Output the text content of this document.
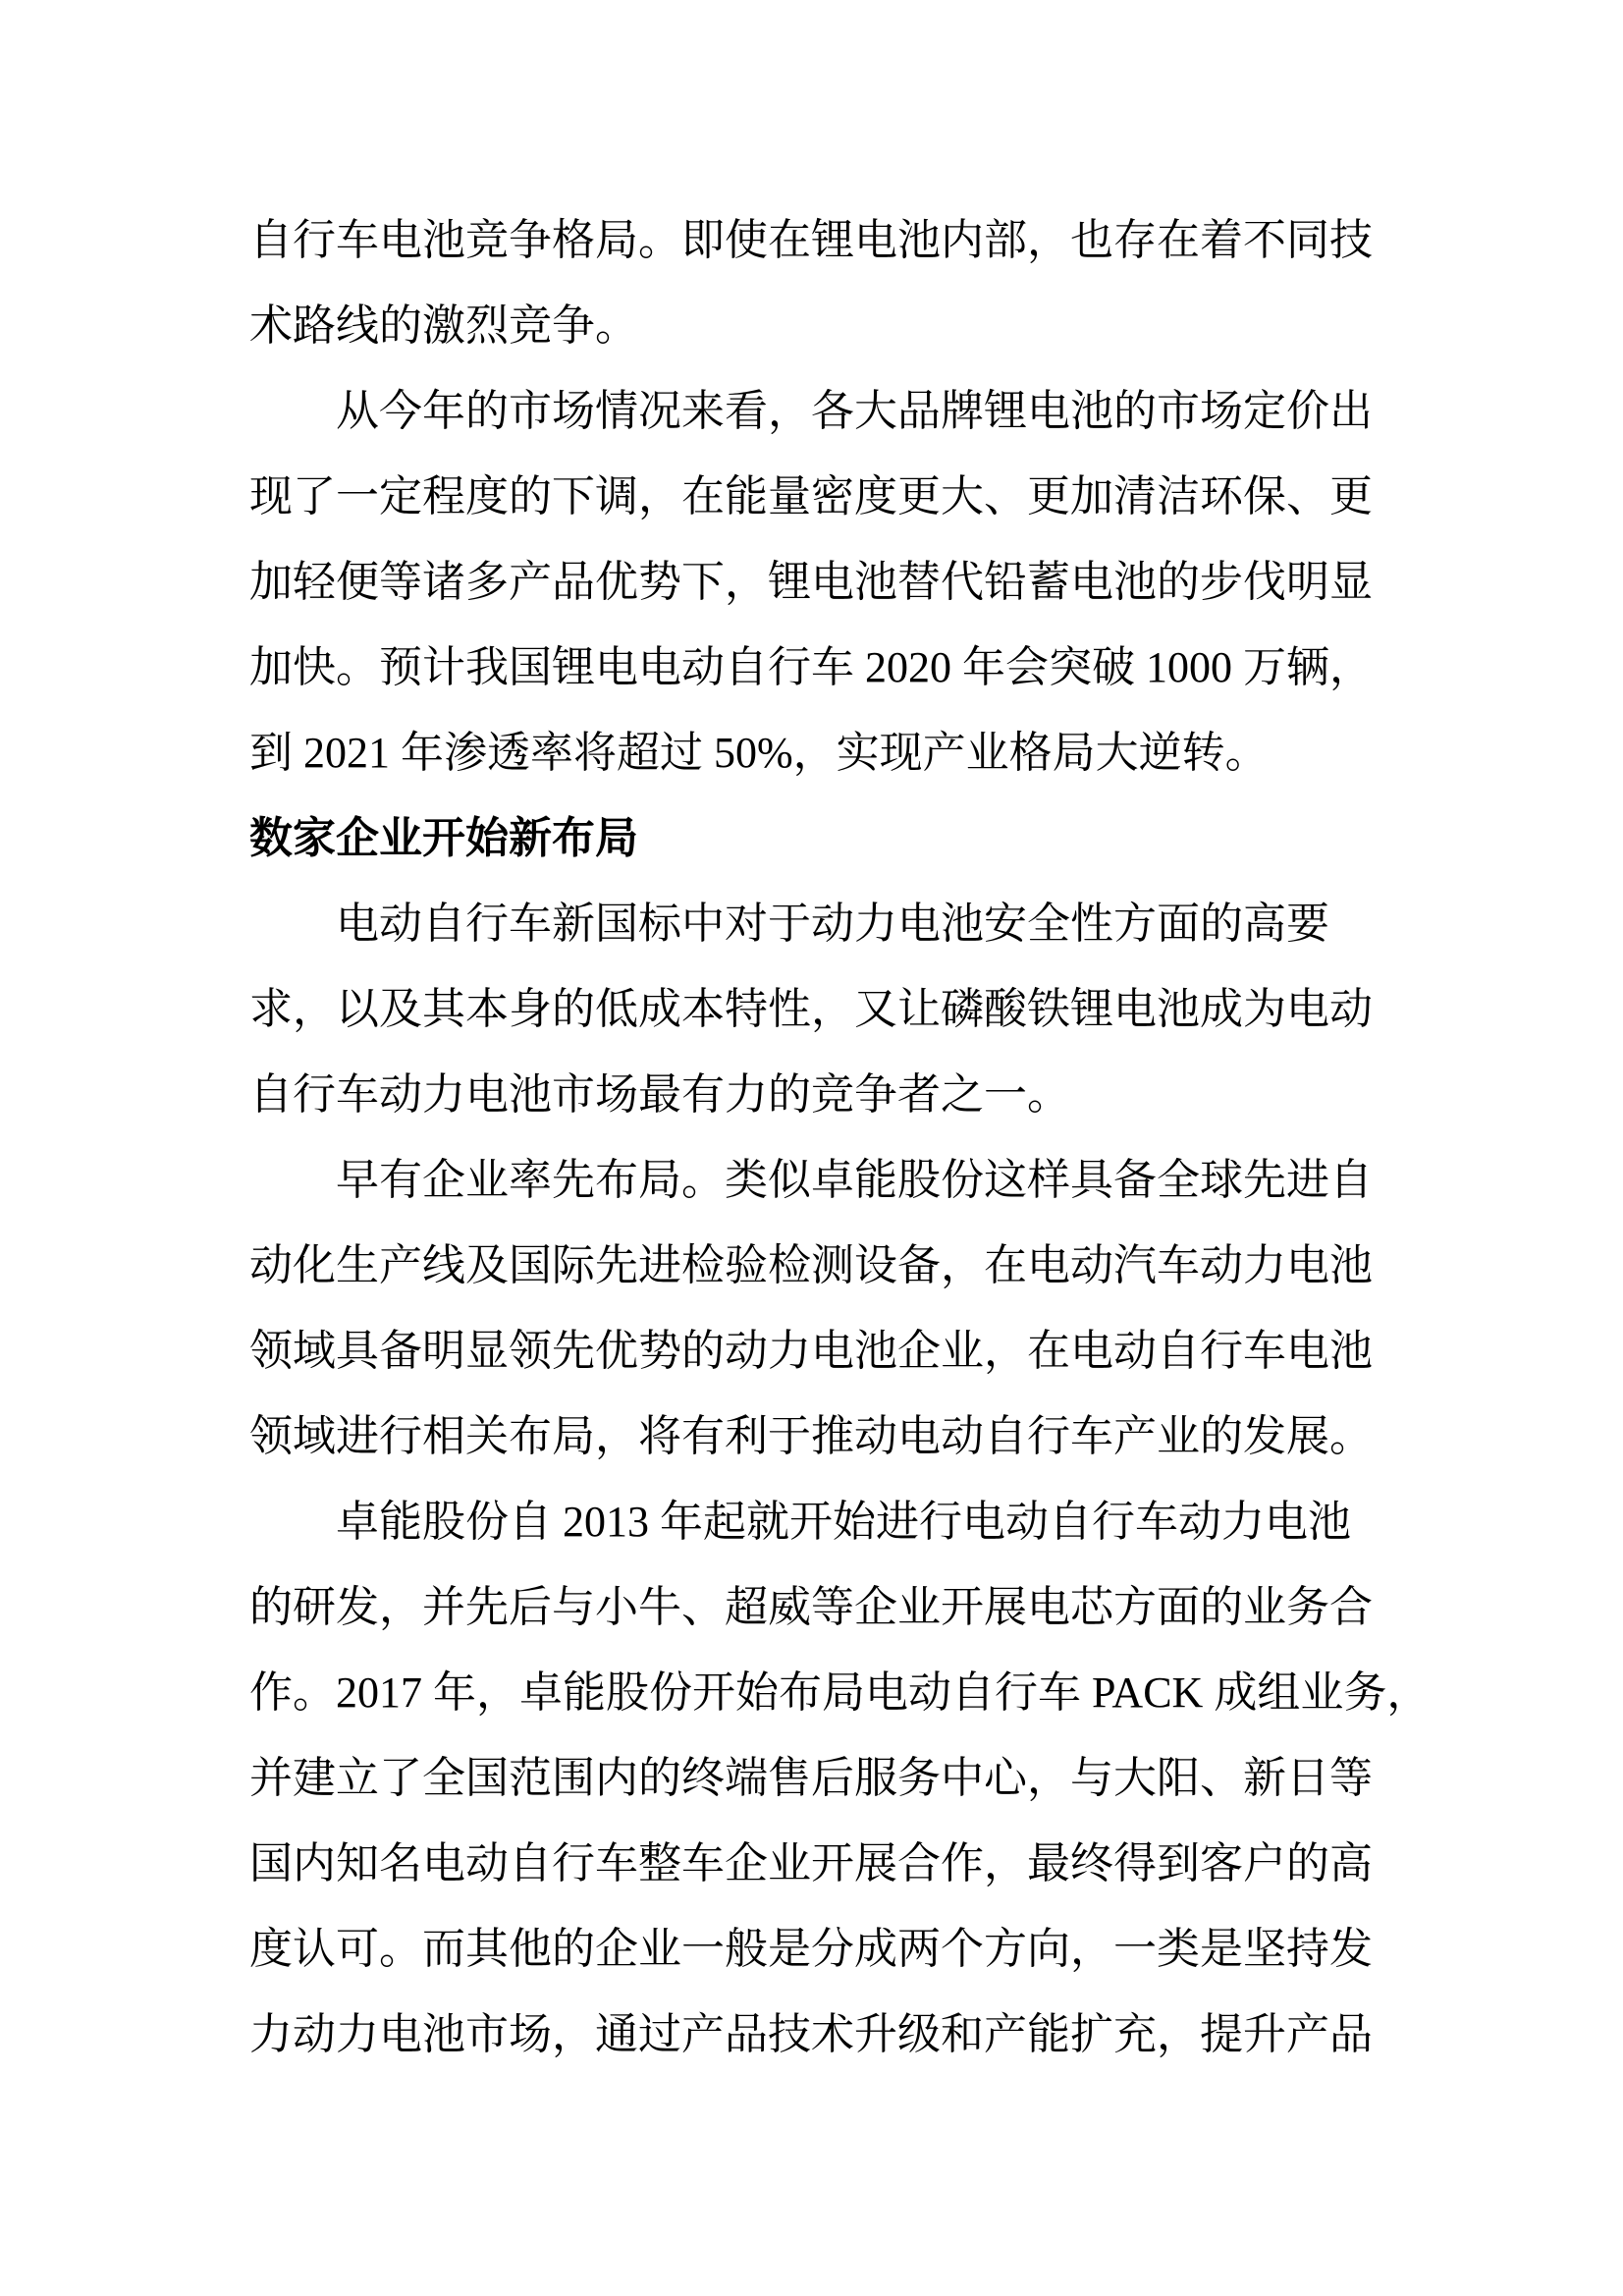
自行车电池竞争格局。即使在锂电池内部，也存在着不同技
术路线的激烈竞争。
从今年的市场情况来看，各大品牌锂电池的市场定价出
现了一定程度的下调，在能量密度更大、更加清洁环保、更
加轻便等诸多产品优势下，锂电池替代铅蓄电池的步伐明显
加快。预计我国锂电电动自行车 2020 年会突破 1000 万辆，
到 2021 年渗透率将超过 50%，实现产业格局大逆转。
数家企业开始新布局
电动自行车新国标中对于动力电池安全性方面的高要
求，以及其本身的低成本特性，又让磷酸铁锂电池成为电动
自行车动力电池市场最有力的竞争者之一。
早有企业率先布局。类似卓能股份这样具备全球先进自
动化生产线及国际先进检验检测设备，在电动汽车动力电池
领域具备明显领先优势的动力电池企业，在电动自行车电池
领域进行相关布局，将有利于推动电动自行车产业的发展。
卓能股份自 2013 年起就开始进行电动自行车动力电池
的研发，并先后与小牛、超威等企业开展电芯方面的业务合
作。2017 年，卓能股份开始布局电动自行车 PACK 成组业务，
并建立了全国范围内的终端售后服务中心，与大阳、新日等
国内知名电动自行车整车企业开展合作，最终得到客户的高
度认可。而其他的企业一般是分成两个方向，一类是坚持发
力动力电池市场，通过产品技术升级和产能扩充，提升产品
